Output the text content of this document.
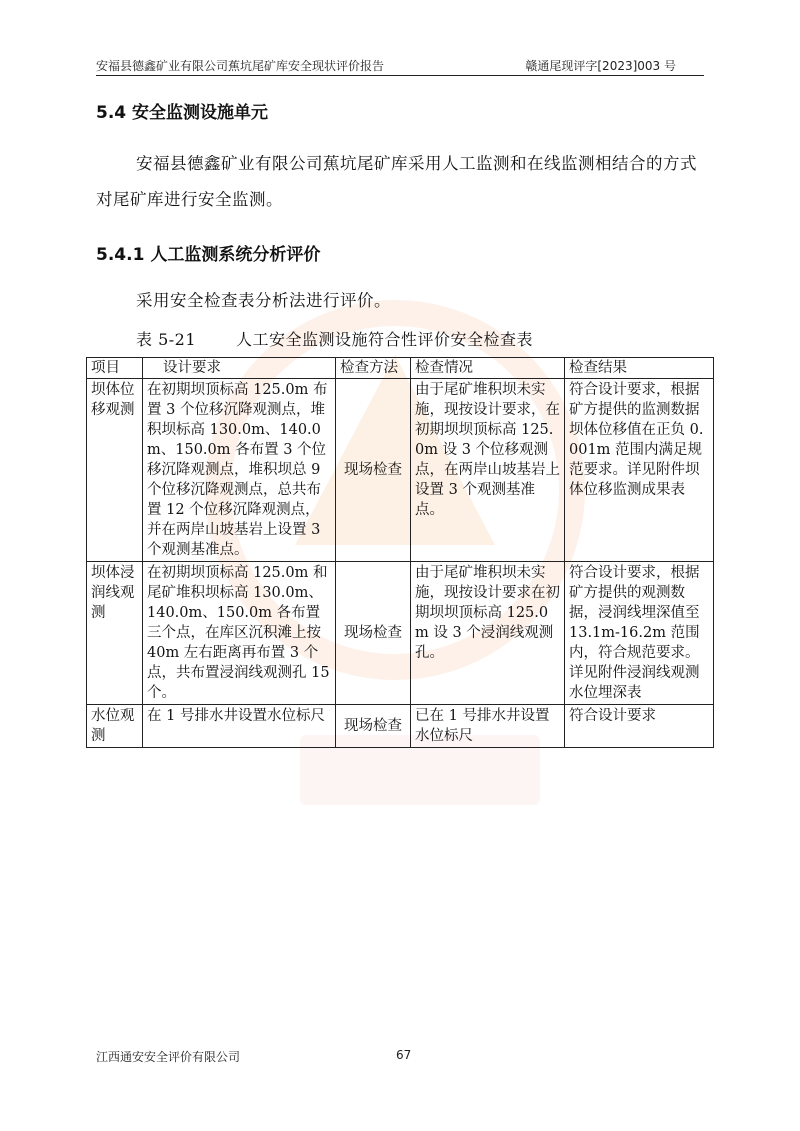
安福县德鑫矿业有限公司蕉坑尾矿库安全现状评价报告	赣通尾现评字[2023]003 号
5.4 安全监测设施单元
安福县德鑫矿业有限公司蕉坑尾矿库采用人工监测和在线监测相结合的方式对尾矿库进行安全监测。
5.4.1 人工监测系统分析评价
采用安全检查表分析法进行评价。
表 5-21	人工安全监测设施符合性评价安全检查表
项目	设计要求	检查方法	检查情况	检查结果
坝体位移观测	在初期坝顶标高 125.0m 布置 3 个位移沉降观测点，堆积坝标高 130.0m、140.0m、150.0m 各布置 3 个位移沉降观测点，堆积坝总 9 个位移沉降观测点，总共布置 12 个位移沉降观测点，并在两岸山坡基岩上设置 3 个观测基准点。	现场检查	由于尾矿堆积坝未实施，现按设计要求，在初期坝坝顶标高 125.0m 设 3 个位移观测点，在两岸山坡基岩上设置 3 个观测基准点。	符合设计要求，根据矿方提供的监测数据坝体位移值在正负 0.001m 范围内满足规范要求。详见附件坝体位移监测成果表
坝体浸润线观测	在初期坝顶标高 125.0m 和尾矿堆积坝标高 130.0m、140.0m、150.0m 各布置三个点，在库区沉积滩上按 40m 左右距离再布置 3 个点，共布置浸润线观测孔 15 个。	现场检查	由于尾矿堆积坝未实施，现按设计要求在初期坝坝顶标高 125.0m 设 3 个浸润线观测孔。	符合设计要求，根据矿方提供的观测数据，浸润线埋深值至 13.1m-16.2m 范围内，符合规范要求。详见附件浸润线观测水位埋深表
水位观测	在 1 号排水井设置水位标尺	现场检查	已在 1 号排水井设置水位标尺	符合设计要求
江西通安安全评价有限公司	67
